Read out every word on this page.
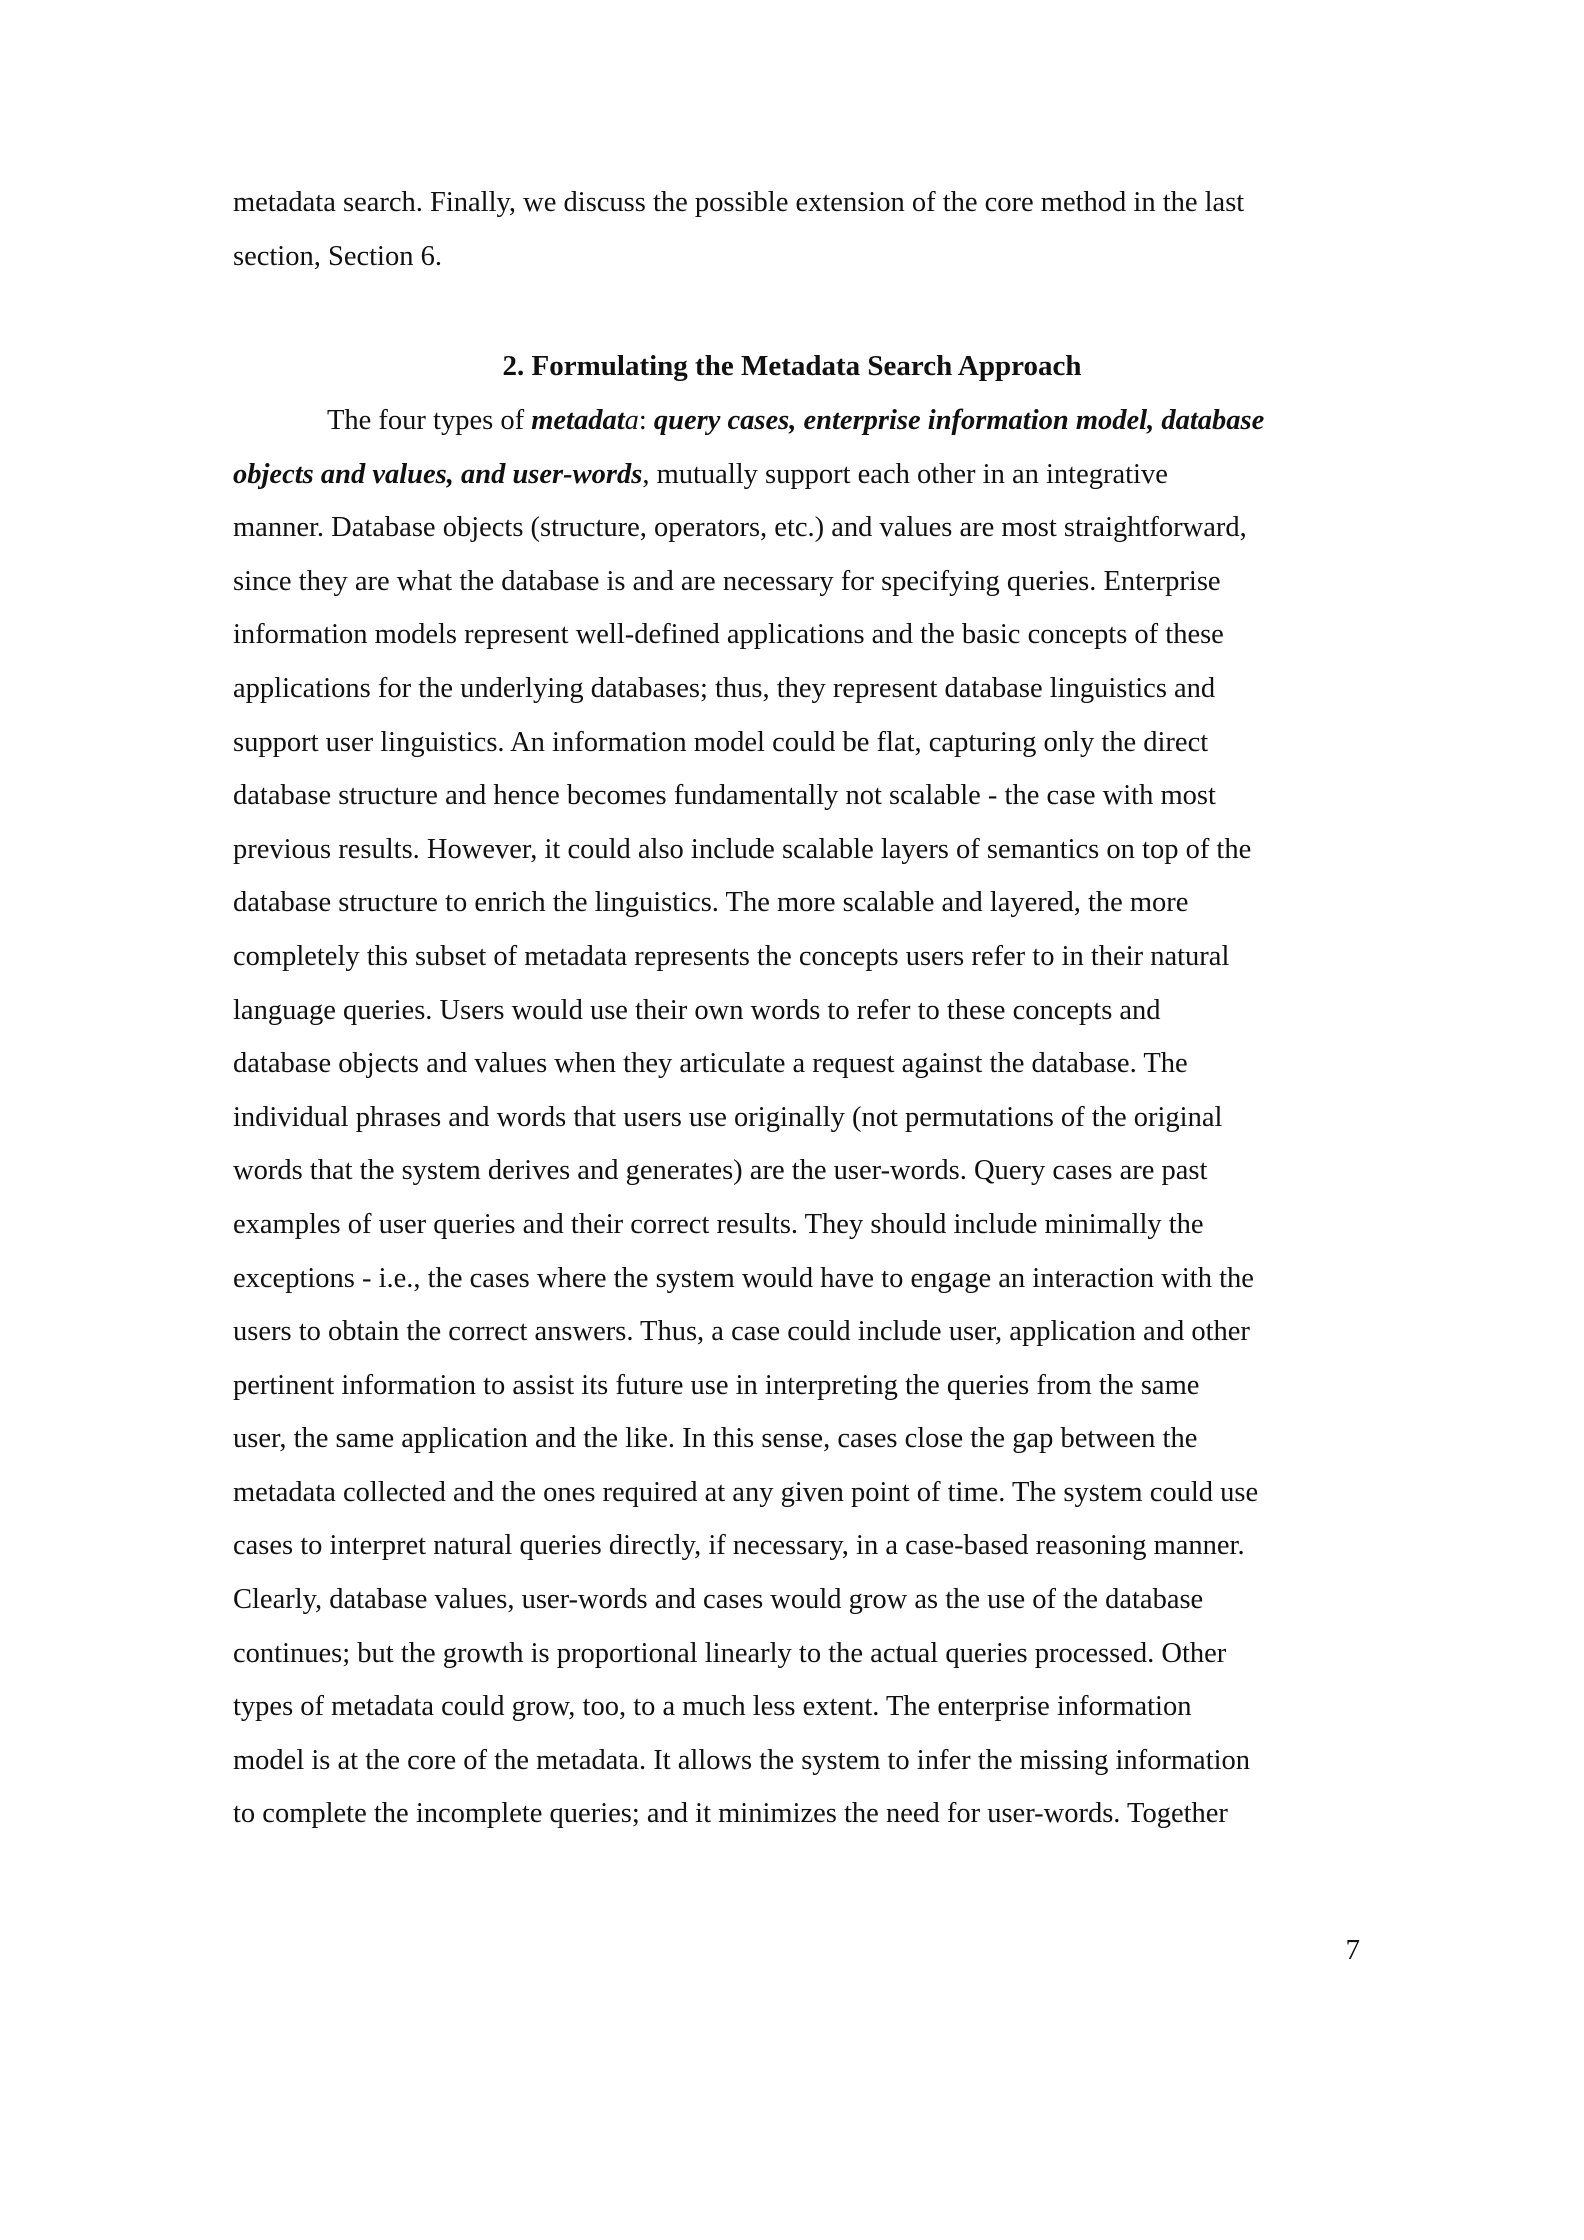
metadata search. Finally, we discuss the possible extension of the core method in the last
section, Section 6.
2. Formulating the Metadata Search Approach
The four types of metadata: query cases, enterprise information model, database
objects and values, and user-words, mutually support each other in an integrative
manner. Database objects (structure, operators, etc.) and values are most straightforward,
since they are what the database is and are necessary for specifying queries. Enterprise
information models represent well-defined applications and the basic concepts of these
applications for the underlying databases; thus, they represent database linguistics and
support user linguistics. An information model could be flat, capturing only the direct
database structure and hence becomes fundamentally not scalable - the case with most
previous results. However, it could also include scalable layers of semantics on top of the
database structure to enrich the linguistics. The more scalable and layered, the more
completely this subset of metadata represents the concepts users refer to in their natural
language queries. Users would use their own words to refer to these concepts and
database objects and values when they articulate a request against the database. The
individual phrases and words that users use originally (not permutations of the original
words that the system derives and generates) are the user-words. Query cases are past
examples of user queries and their correct results. They should include minimally the
exceptions - i.e., the cases where the system would have to engage an interaction with the
users to obtain the correct answers. Thus, a case could include user, application and other
pertinent information to assist its future use in interpreting the queries from the same
user, the same application and the like. In this sense, cases close the gap between the
metadata collected and the ones required at any given point of time. The system could use
cases to interpret natural queries directly, if necessary, in a case-based reasoning manner.
Clearly, database values, user-words and cases would grow as the use of the database
continues; but the growth is proportional linearly to the actual queries processed. Other
types of metadata could grow, too, to a much less extent. The enterprise information
model is at the core of the metadata. It allows the system to infer the missing information
to complete the incomplete queries; and it minimizes the need for user-words. Together
7
